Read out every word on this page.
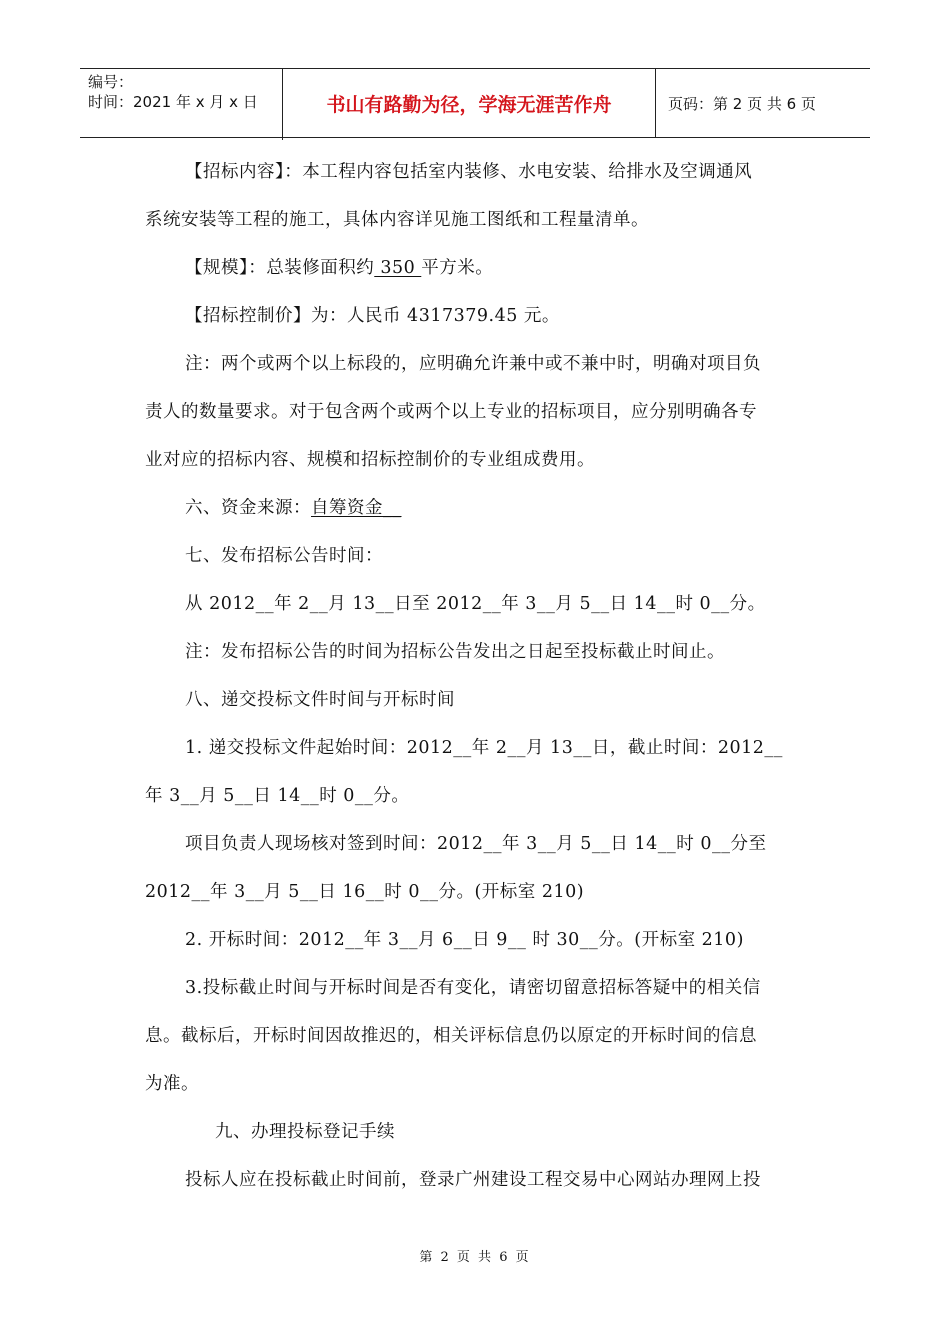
编号：
时间：2021 年 x 月 x 日	书山有路勤为径，学海无涯苦作舟	页码：第 2 页 共 6 页

【招标内容】：本工程内容包括室内装修、水电安装、给排水及空调通风

系统安装等工程的施工，具体内容详见施工图纸和工程量清单。

【规模】：总装修面积约 350 平方米。

【招标控制价】为：人民币 4317379.45 元。

注：两个或两个以上标段的，应明确允许兼中或不兼中时，明确对项目负

责人的数量要求。对于包含两个或两个以上专业的招标项目，应分别明确各专

业对应的招标内容、规模和招标控制价的专业组成费用。

六、资金来源：自筹资金__

七、发布招标公告时间：

从 2012__年 2__月 13__日至 2012__年 3__月 5__日 14__时 0__分。

注：发布招标公告的时间为招标公告发出之日起至投标截止时间止。

八、递交投标文件时间与开标时间

1. 递交投标文件起始时间：2012__年 2__月 13__日，截止时间：2012__

年 3__月 5__日 14__时 0__分。

项目负责人现场核对签到时间：2012__年 3__月 5__日 14__时 0__分至

2012__年 3__月 5__日 16__时 0__分。(开标室 210)

2. 开标时间：2012__年 3__月 6__日 9__ 时 30__分。(开标室 210)

3.投标截止时间与开标时间是否有变化，请密切留意招标答疑中的相关信

息。截标后，开标时间因故推迟的，相关评标信息仍以原定的开标时间的信息

为准。

九、办理投标登记手续

投标人应在投标截止时间前，登录广州建设工程交易中心网站办理网上投

第 2 页 共 6 页
